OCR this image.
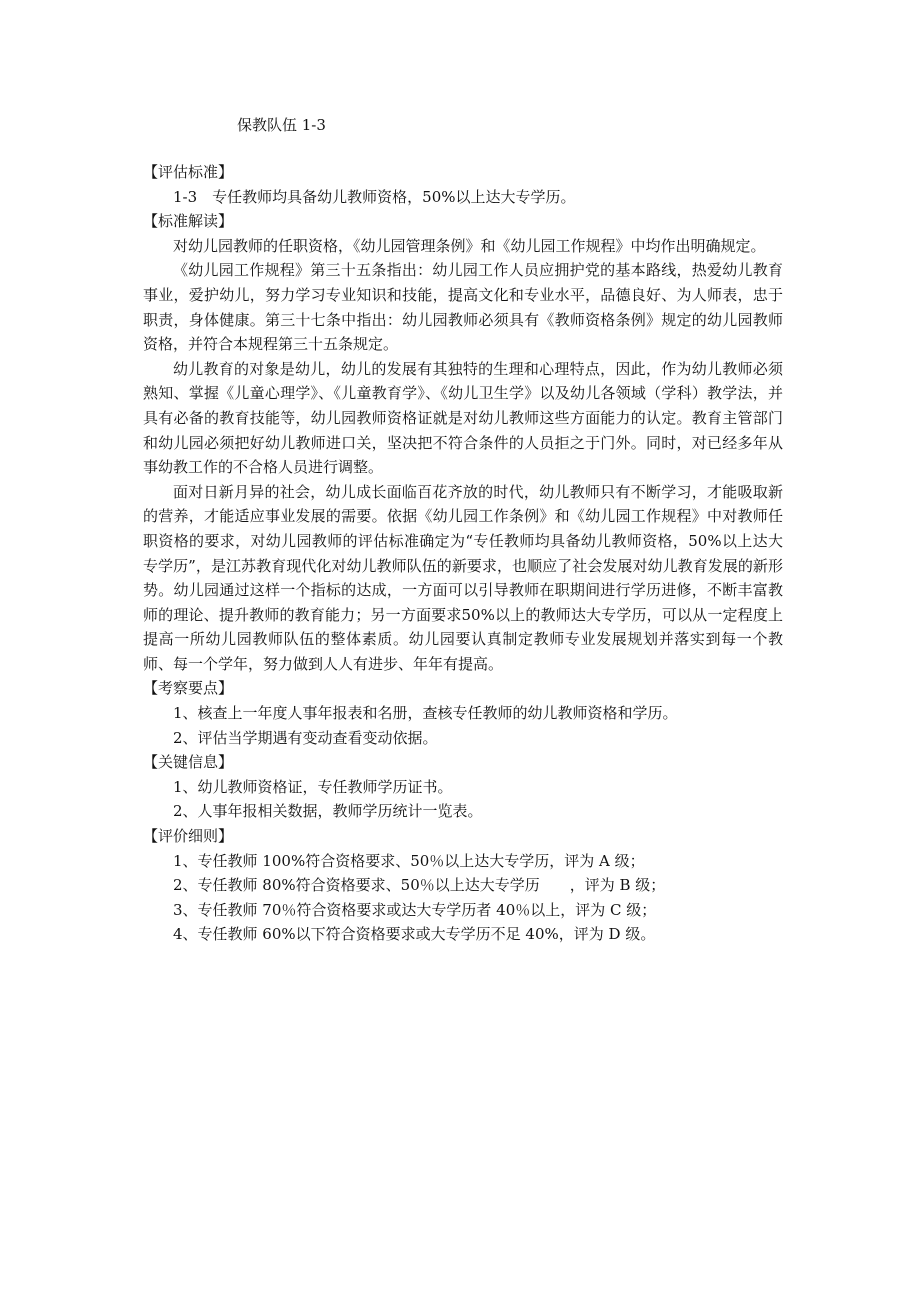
保教队伍 1-3
【评估标准】
1-3　专任教师均具备幼儿教师资格，50%以上达大专学历。
【标准解读】
对幼儿园教师的任职资格，《幼儿园管理条例》和《幼儿园工作规程》中均作出明确规定。
《幼儿园工作规程》第三十五条指出：幼儿园工作人员应拥护党的基本路线，热爱幼儿教育事业，爱护幼儿，努力学习专业知识和技能，提高文化和专业水平，品德良好、为人师表，忠于职责，身体健康。第三十七条中指出：幼儿园教师必须具有《教师资格条例》规定的幼儿园教师资格，并符合本规程第三十五条规定。
幼儿教育的对象是幼儿，幼儿的发展有其独特的生理和心理特点，因此，作为幼儿教师必须熟知、掌握《儿童心理学》、《儿童教育学》、《幼儿卫生学》以及幼儿各领域（学科）教学法，并具有必备的教育技能等，幼儿园教师资格证就是对幼儿教师这些方面能力的认定。教育主管部门和幼儿园必须把好幼儿教师进口关，坚决把不符合条件的人员拒之于门外。同时，对已经多年从事幼教工作的不合格人员进行调整。
面对日新月异的社会，幼儿成长面临百花齐放的时代，幼儿教师只有不断学习，才能吸取新的营养，才能适应事业发展的需要。依据《幼儿园工作条例》和《幼儿园工作规程》中对教师任职资格的要求，对幼儿园教师的评估标准确定为“专任教师均具备幼儿教师资格，50%以上达大专学历”，是江苏教育现代化对幼儿教师队伍的新要求，也顺应了社会发展对幼儿教育发展的新形势。幼儿园通过这样一个指标的达成，一方面可以引导教师在职期间进行学历进修，不断丰富教师的理论、提升教师的教育能力；另一方面要求50%以上的教师达大专学历，可以从一定程度上提高一所幼儿园教师队伍的整体素质。幼儿园要认真制定教师专业发展规划并落实到每一个教师、每一个学年，努力做到人人有进步、年年有提高。
【考察要点】
1、核查上一年度人事年报表和名册，查核专任教师的幼儿教师资格和学历。
2、评估当学期遇有变动查看变动依据。
【关键信息】
1、幼儿教师资格证，专任教师学历证书。
2、人事年报相关数据，教师学历统计一览表。
【评价细则】
1、专任教师 100%符合资格要求、50％以上达大专学历，评为 A 级；
2、专任教师 80%符合资格要求、50％以上达大专学历　　，评为 B 级；
3、专任教师 70％符合资格要求或达大专学历者 40％以上，评为 C 级；
4、专任教师 60%以下符合资格要求或大专学历不足 40%，评为 D 级。
